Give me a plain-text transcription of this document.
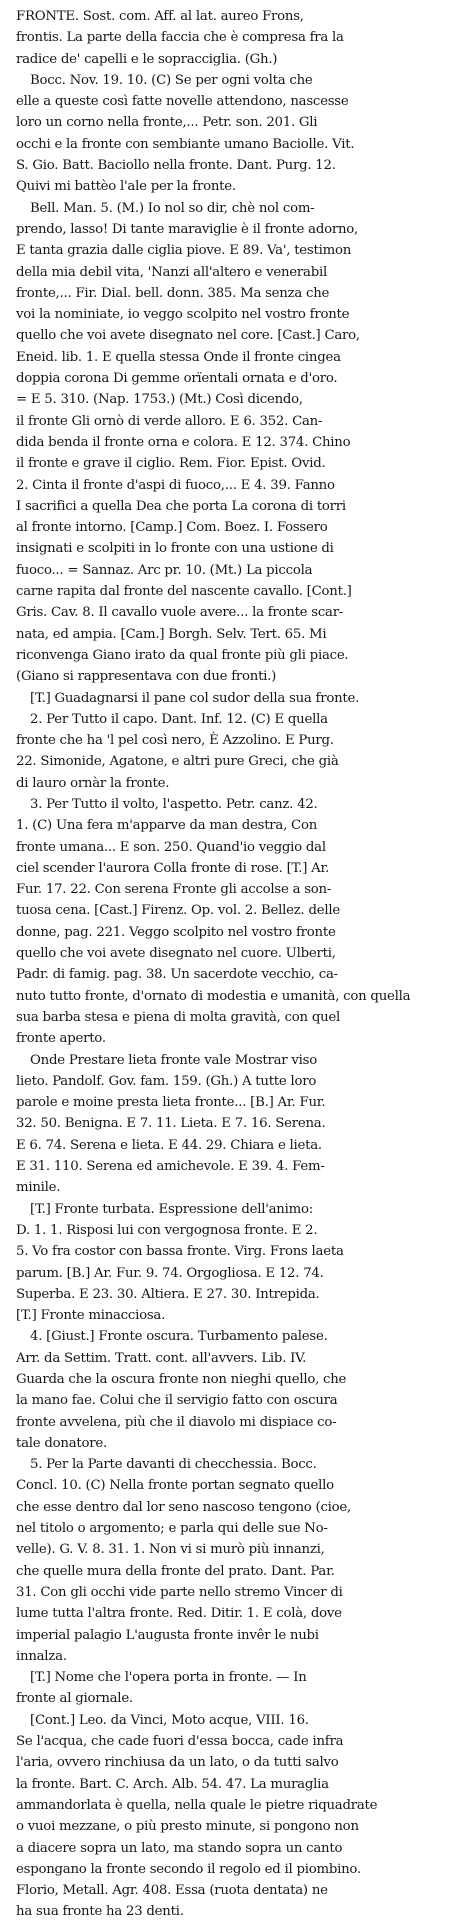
FRONTE. Sost. com. Aff. al lat. aureo Frons,
frontis. La parte della faccia che è compresa fra la
radice de' capelli e le sopracciglia. (Gh.)
Bocc. Nov. 19. 10. (C) Se per ogni volta che
elle a queste così fatte novelle attendono, nascesse
loro un corno nella fronte,... Petr. son. 201. Gli
occhi e la fronte con sembiante umano Baciolle. Vit.
S. Gio. Batt. Baciollo nella fronte. Dant. Purg. 12.
Quivi mi battèo l'ale per la fronte.
Bell. Man. 5. (M.) Io nol so dir, chè nol com-
prendo, lasso! Di tante maraviglie è il fronte adorno,
E tanta grazia dalle ciglia piove. E 89. Va', testimon
della mia debil vita, 'Nanzi all'altero e venerabil
fronte,... Fir. Dial. bell. donn. 385. Ma senza che
voi la nominiate, io veggo scolpito nel vostro fronte
quello che voi avete disegnato nel core. [Cast.] Caro,
Eneid. lib. 1. E quella stessa Onde il fronte cingea
doppia corona Di gemme orïentali ornata e d'oro.
= E 5. 310. (Nap. 1753.) (Mt.) Così dicendo,
il fronte Gli ornò di verde alloro. E 6. 352. Can-
dida benda il fronte orna e colora. E 12. 374. Chino
il fronte e grave il ciglio. Rem. Fior. Epist. Ovid.
2. Cinta il fronte d'aspi di fuoco,... E 4. 39. Fanno
I sacrifici a quella Dea che porta La corona di torri
al fronte intorno. [Camp.] Com. Boez. I. Fossero
insignati e scolpiti in lo fronte con una ustione di
fuoco... = Sannaz. Arc pr. 10. (Mt.) La piccola
carne rapita dal fronte del nascente cavallo. [Cont.]
Gris. Cav. 8. Il cavallo vuole avere... la fronte scar-
nata, ed ampia. [Cam.] Borgh. Selv. Tert. 65. Mi
riconvenga Giano irato da qual fronte più gli piace.
(Giano si rappresentava con due fronti.)
[T.] Guadagnarsi il pane col sudor della sua fronte.
2. Per Tutto il capo. Dant. Inf. 12. (C) E quella
fronte che ha 'l pel così nero, È Azzolino. E Purg.
22. Simonide, Agatone, e altri pure Greci, che già
di lauro ornàr la fronte.
3. Per Tutto il volto, l'aspetto. Petr. canz. 42.
1. (C) Una fera m'apparve da man destra, Con
fronte umana... E son. 250. Quand'io veggio dal
ciel scender l'aurora Colla fronte di rose. [T.] Ar.
Fur. 17. 22. Con serena Fronte gli accolse a son-
tuosa cena. [Cast.] Firenz. Op. vol. 2. Bellez. delle
donne, pag. 221. Veggo scolpito nel vostro fronte
quello che voi avete disegnato nel cuore. Ulberti,
Padr. di famig. pag. 38. Un sacerdote vecchio, ca-
nuto tutto fronte, d'ornato di modestia e umanità, con quella
sua barba stesa e piena di molta gravità, con quel
fronte aperto.
Onde Prestare lieta fronte vale Mostrar viso
lieto. Pandolf. Gov. fam. 159. (Gh.) A tutte loro
parole e moine presta lieta fronte... [B.] Ar. Fur.
32. 50. Benigna. E 7. 11. Lieta. E 7. 16. Serena.
E 6. 74. Serena e lieta. E 44. 29. Chiara e lieta.
E 31. 110. Serena ed amichevole. E 39. 4. Fem-
minile.
[T.] Fronte turbata. Espressione dell'animo:
D. 1. 1. Risposi lui con vergognosa fronte. E 2.
5. Vo fra costor con bassa fronte. Virg. Frons laeta
parum. [B.] Ar. Fur. 9. 74. Orgogliosa. E 12. 74.
Superba. E 23. 30. Altiera. E 27. 30. Intrepida.
[T.] Fronte minacciosa.
4. [Giust.] Fronte oscura. Turbamento palese.
Arr. da Settim. Tratt. cont. all'avvers. Lib. IV.
Guarda che la oscura fronte non nieghi quello, che
la mano fae. Colui che il servigio fatto con oscura
fronte avvelena, più che il diavolo mi dispiace co-
tale donatore.
5. Per la Parte davanti di checchessia. Bocc.
Concl. 10. (C) Nella fronte portan segnato quello
che esse dentro dal lor seno nascoso tengono (cioe,
nel titolo o argomento; e parla qui delle sue No-
velle). G. V. 8. 31. 1. Non vi si murò più innanzi,
che quelle mura della fronte del prato. Dant. Par.
31. Con gli occhi vide parte nello stremo Vincer di
lume tutta l'altra fronte. Red. Ditir. 1. E colà, dove
imperial palagio L'augusta fronte invêr le nubi
innalza.
[T.] Nome che l'opera porta in fronte. — In
fronte al giornale.
[Cont.] Leo. da Vinci, Moto acque, VIII. 16.
Se l'acqua, che cade fuori d'essa bocca, cade infra
l'aria, ovvero rinchiusa da un lato, o da tutti salvo
la fronte. Bart. C. Arch. Alb. 54. 47. La muraglia
ammandorlata è quella, nella quale le pietre riquadrate
o vuoi mezzane, o più presto minute, si pongono non
a diacere sopra un lato, ma stando sopra un canto
espongano la fronte secondo il regolo ed il piombino.
Florio, Metall. Agr. 408. Essa (ruota dentata) ne
ha sua fronte ha 23 denti.
